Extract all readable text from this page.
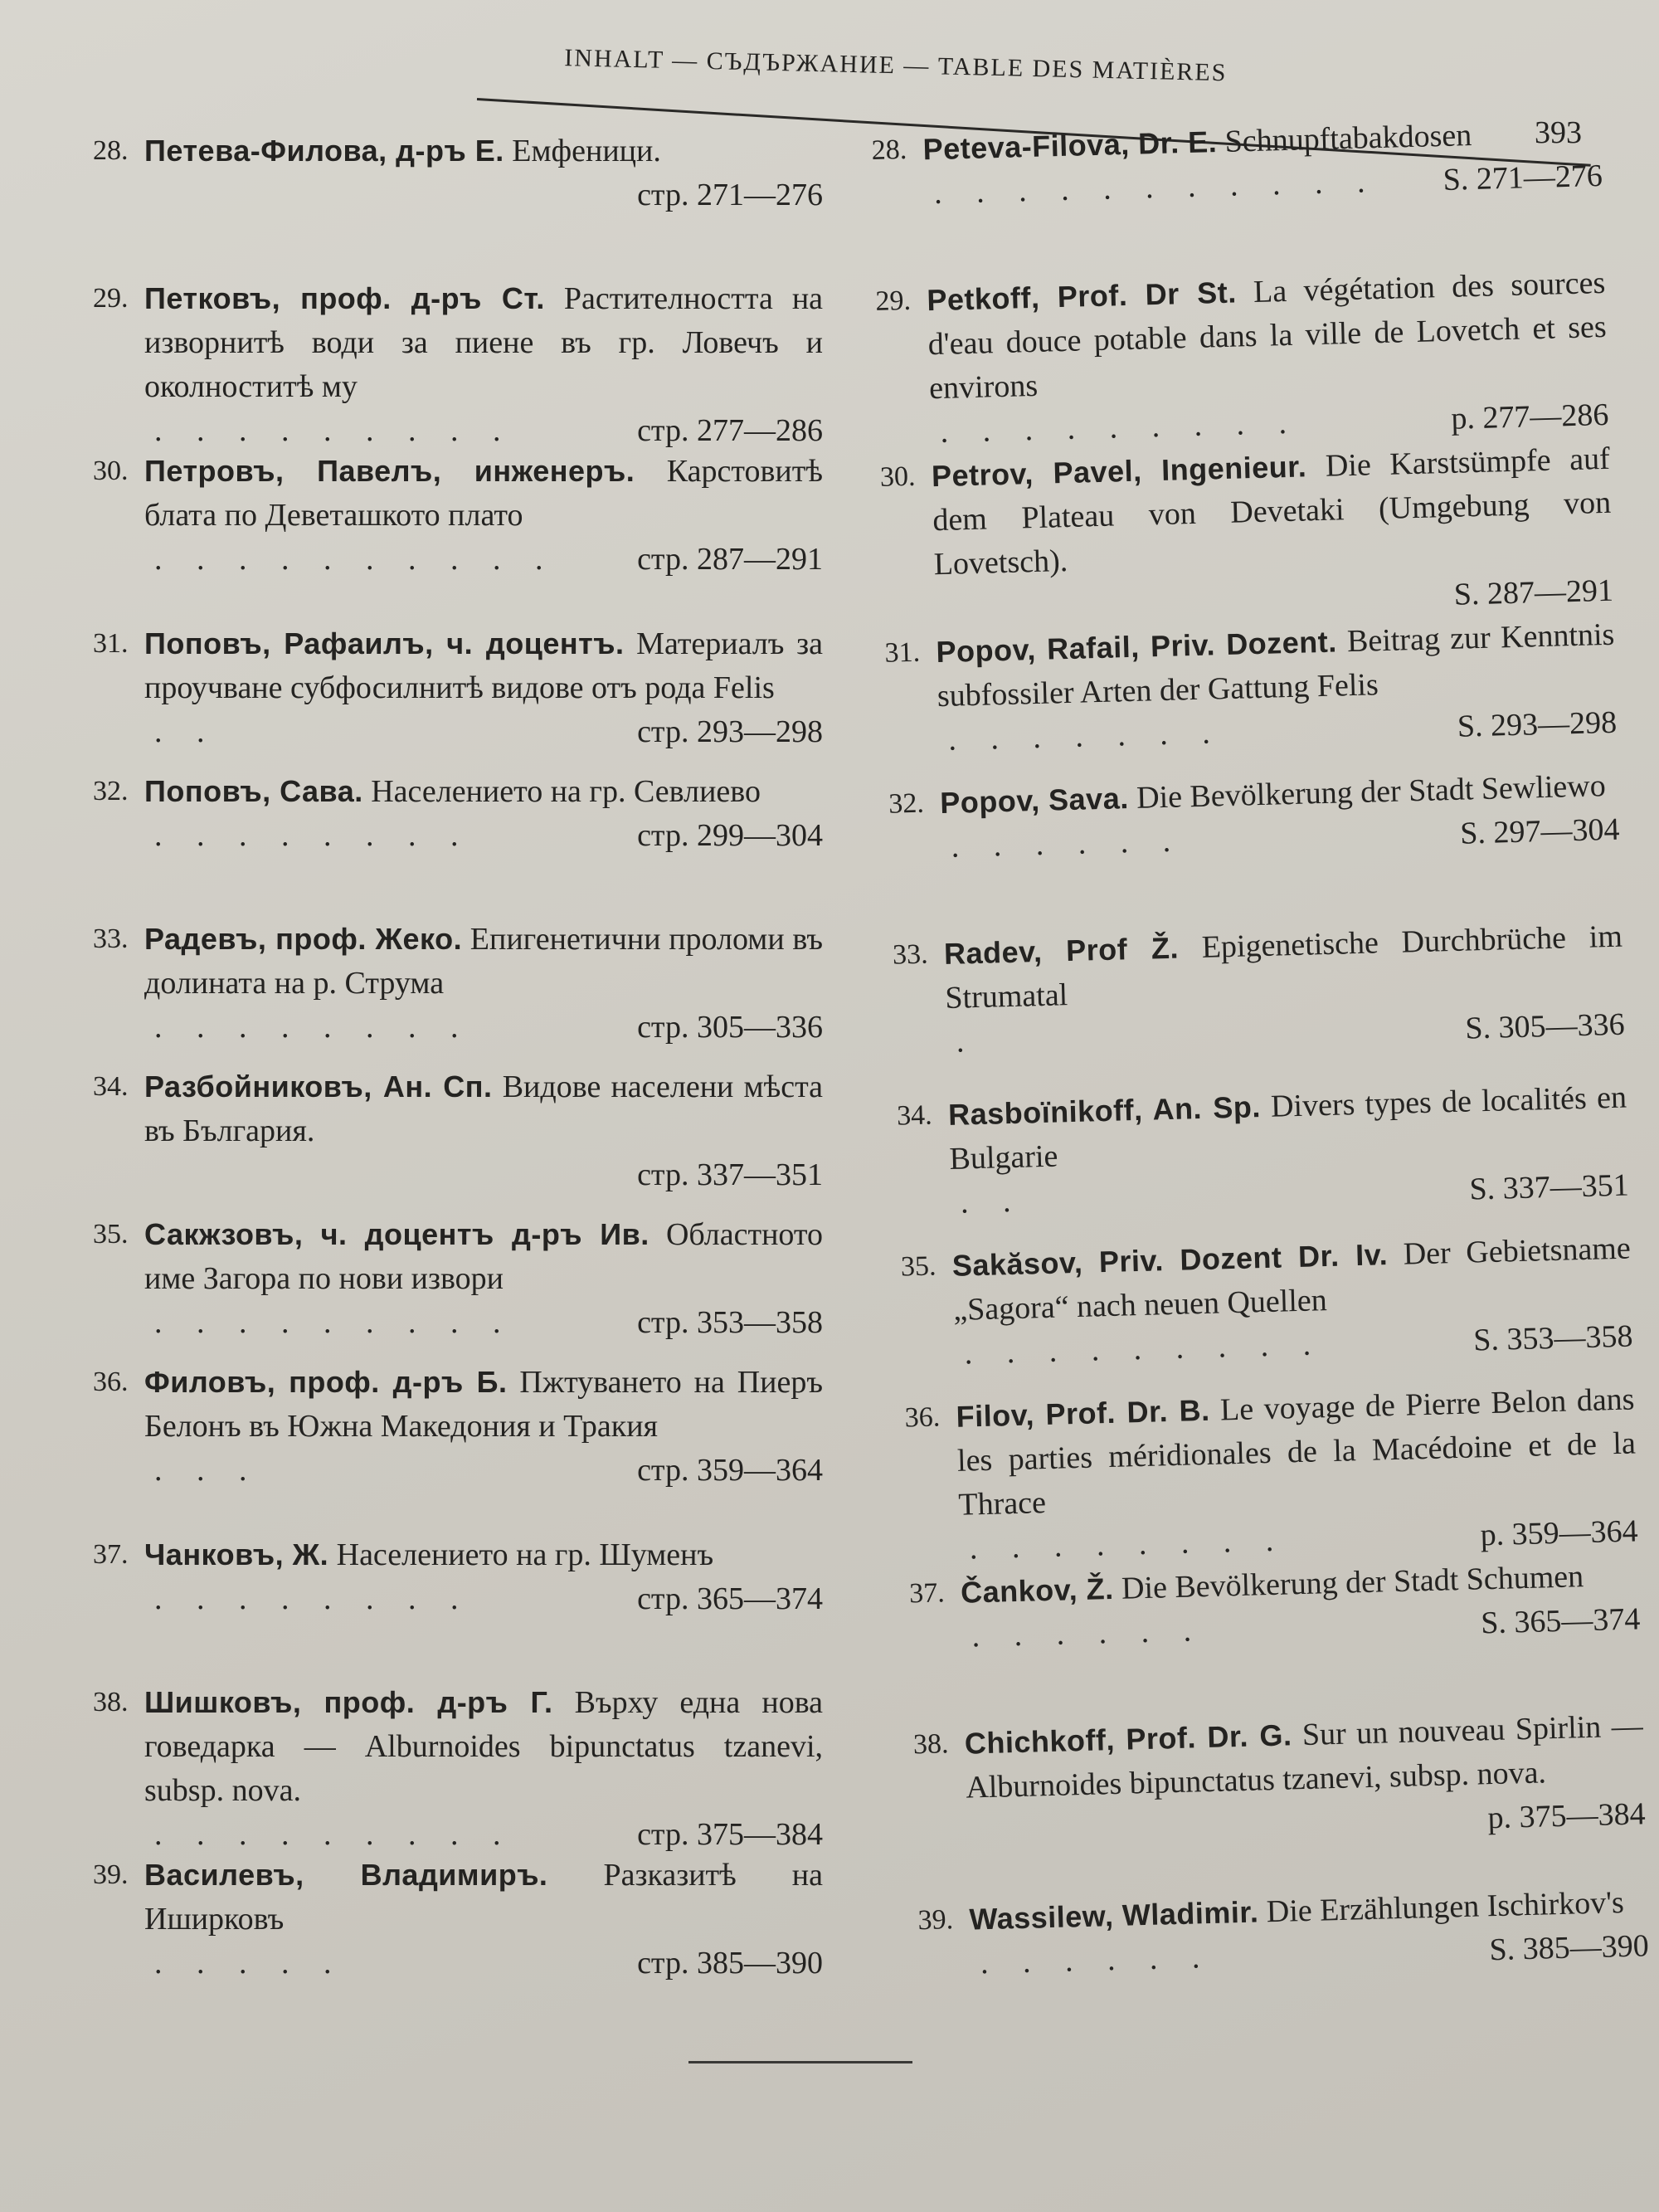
INHALT — СЪДЪРЖАНИЕ — TABLE DES MATIÈRES
393
28. Петева-Филова, д-ръ Е. Емфеници.
стр. 271—276
29. Петковъ, проф. д-ръ Ст. Растителността на изворнитѣ води за пиене въ гр. Ловечъ и околноститѣ му
. . . . . . . . .	стр. 277—286
30. Петровъ, Павелъ, инженеръ. Карстовитѣ блата по Деветашкото плато
. . . . . . . . . .	стр. 287—291
31. Поповъ, Рафаилъ, ч. доцентъ. Материалъ за проучване субфосилнитѣ видове отъ рода Felis
. .	стр. 293—298
32. Поповъ, Сава. Населението на гр. Севлиево
. . . . . . . .	стр. 299—304
33. Радевъ, проф. Жеко. Епигенетични проломи въ долината на р. Струма
. . . . . . . .	стр. 305—336
34. Разбойниковъ, Ан. Сп. Видове населени мѣста въ България.
стр. 337—351
35. Сакжзовъ, ч. доцентъ д-ръ Ив. Областното име Загора по нови извори
. . . . . . . . .	стр. 353—358
36. Филовъ, проф. д-ръ Б. Пжтуването на Пиеръ Белонъ въ Южна Македония и Тракия
. . .	стр. 359—364
37. Чанковъ, Ж. Населението на гр. Шуменъ
. . . . . . . .	стр. 365—374
38. Шишковъ, проф. д-ръ Г. Върху една нова говедарка — Alburnoides bipunctatus tzanevi, subsp. nova.
. . . . . . . . .	стр. 375—384
39. Василевъ, Владимиръ. Разказитѣ на Иширковъ
. . . . .	стр. 385—390
28. Peteva-Filova, Dr. E. Schnupftabakdosen
. . . . . . . . . . .	S. 271—276
29. Petkoff, Prof. Dr St. La végétation des sources d'eau douce potable dans la ville de Lovetch et ses environs
. . . . . . . . .	p. 277—286
30. Petrov, Pavel, Ingenieur. Die Karstsümpfe auf dem Plateau von Devetaki (Umgebung von Lovetsch).
S. 287—291
31. Popov, Rafail, Priv. Dozent. Beitrag zur Kenntnis subfossiler Arten der Gattung Felis
. . . . . . .	S. 293—298
32. Popov, Sava. Die Bevölkerung der Stadt Sewliewo
. . . . . .	S. 297—304
33. Radev, Prof Ž. Epigenetische Durchbrüche im Strumatal
.	S. 305—336
34. Rasboïnikoff, An. Sp. Divers types de localités en Bulgarie
. .	S. 337—351
35. Sakăsov, Priv. Dozent Dr. Iv. Der Gebietsname „Sagora“ nach neuen Quellen
. . . . . . . . .	S. 353—358
36. Filov, Prof. Dr. B. Le voyage de Pierre Belon dans les parties méridionales de la Macédoine et de la Thrace
. . . . . . . .	p. 359—364
37. Čankov, Ž. Die Bevölkerung der Stadt Schumen
. . . . . .	S. 365—374
38. Chichkoff, Prof. Dr. G. Sur un nouveau Spirlin — Alburnoides bipunctatus tzanevi, subsp. nova.
p. 375—384
39. Wassilew, Wladimir. Die Erzählungen Ischirkov's
. . . . . .	S. 385—390
